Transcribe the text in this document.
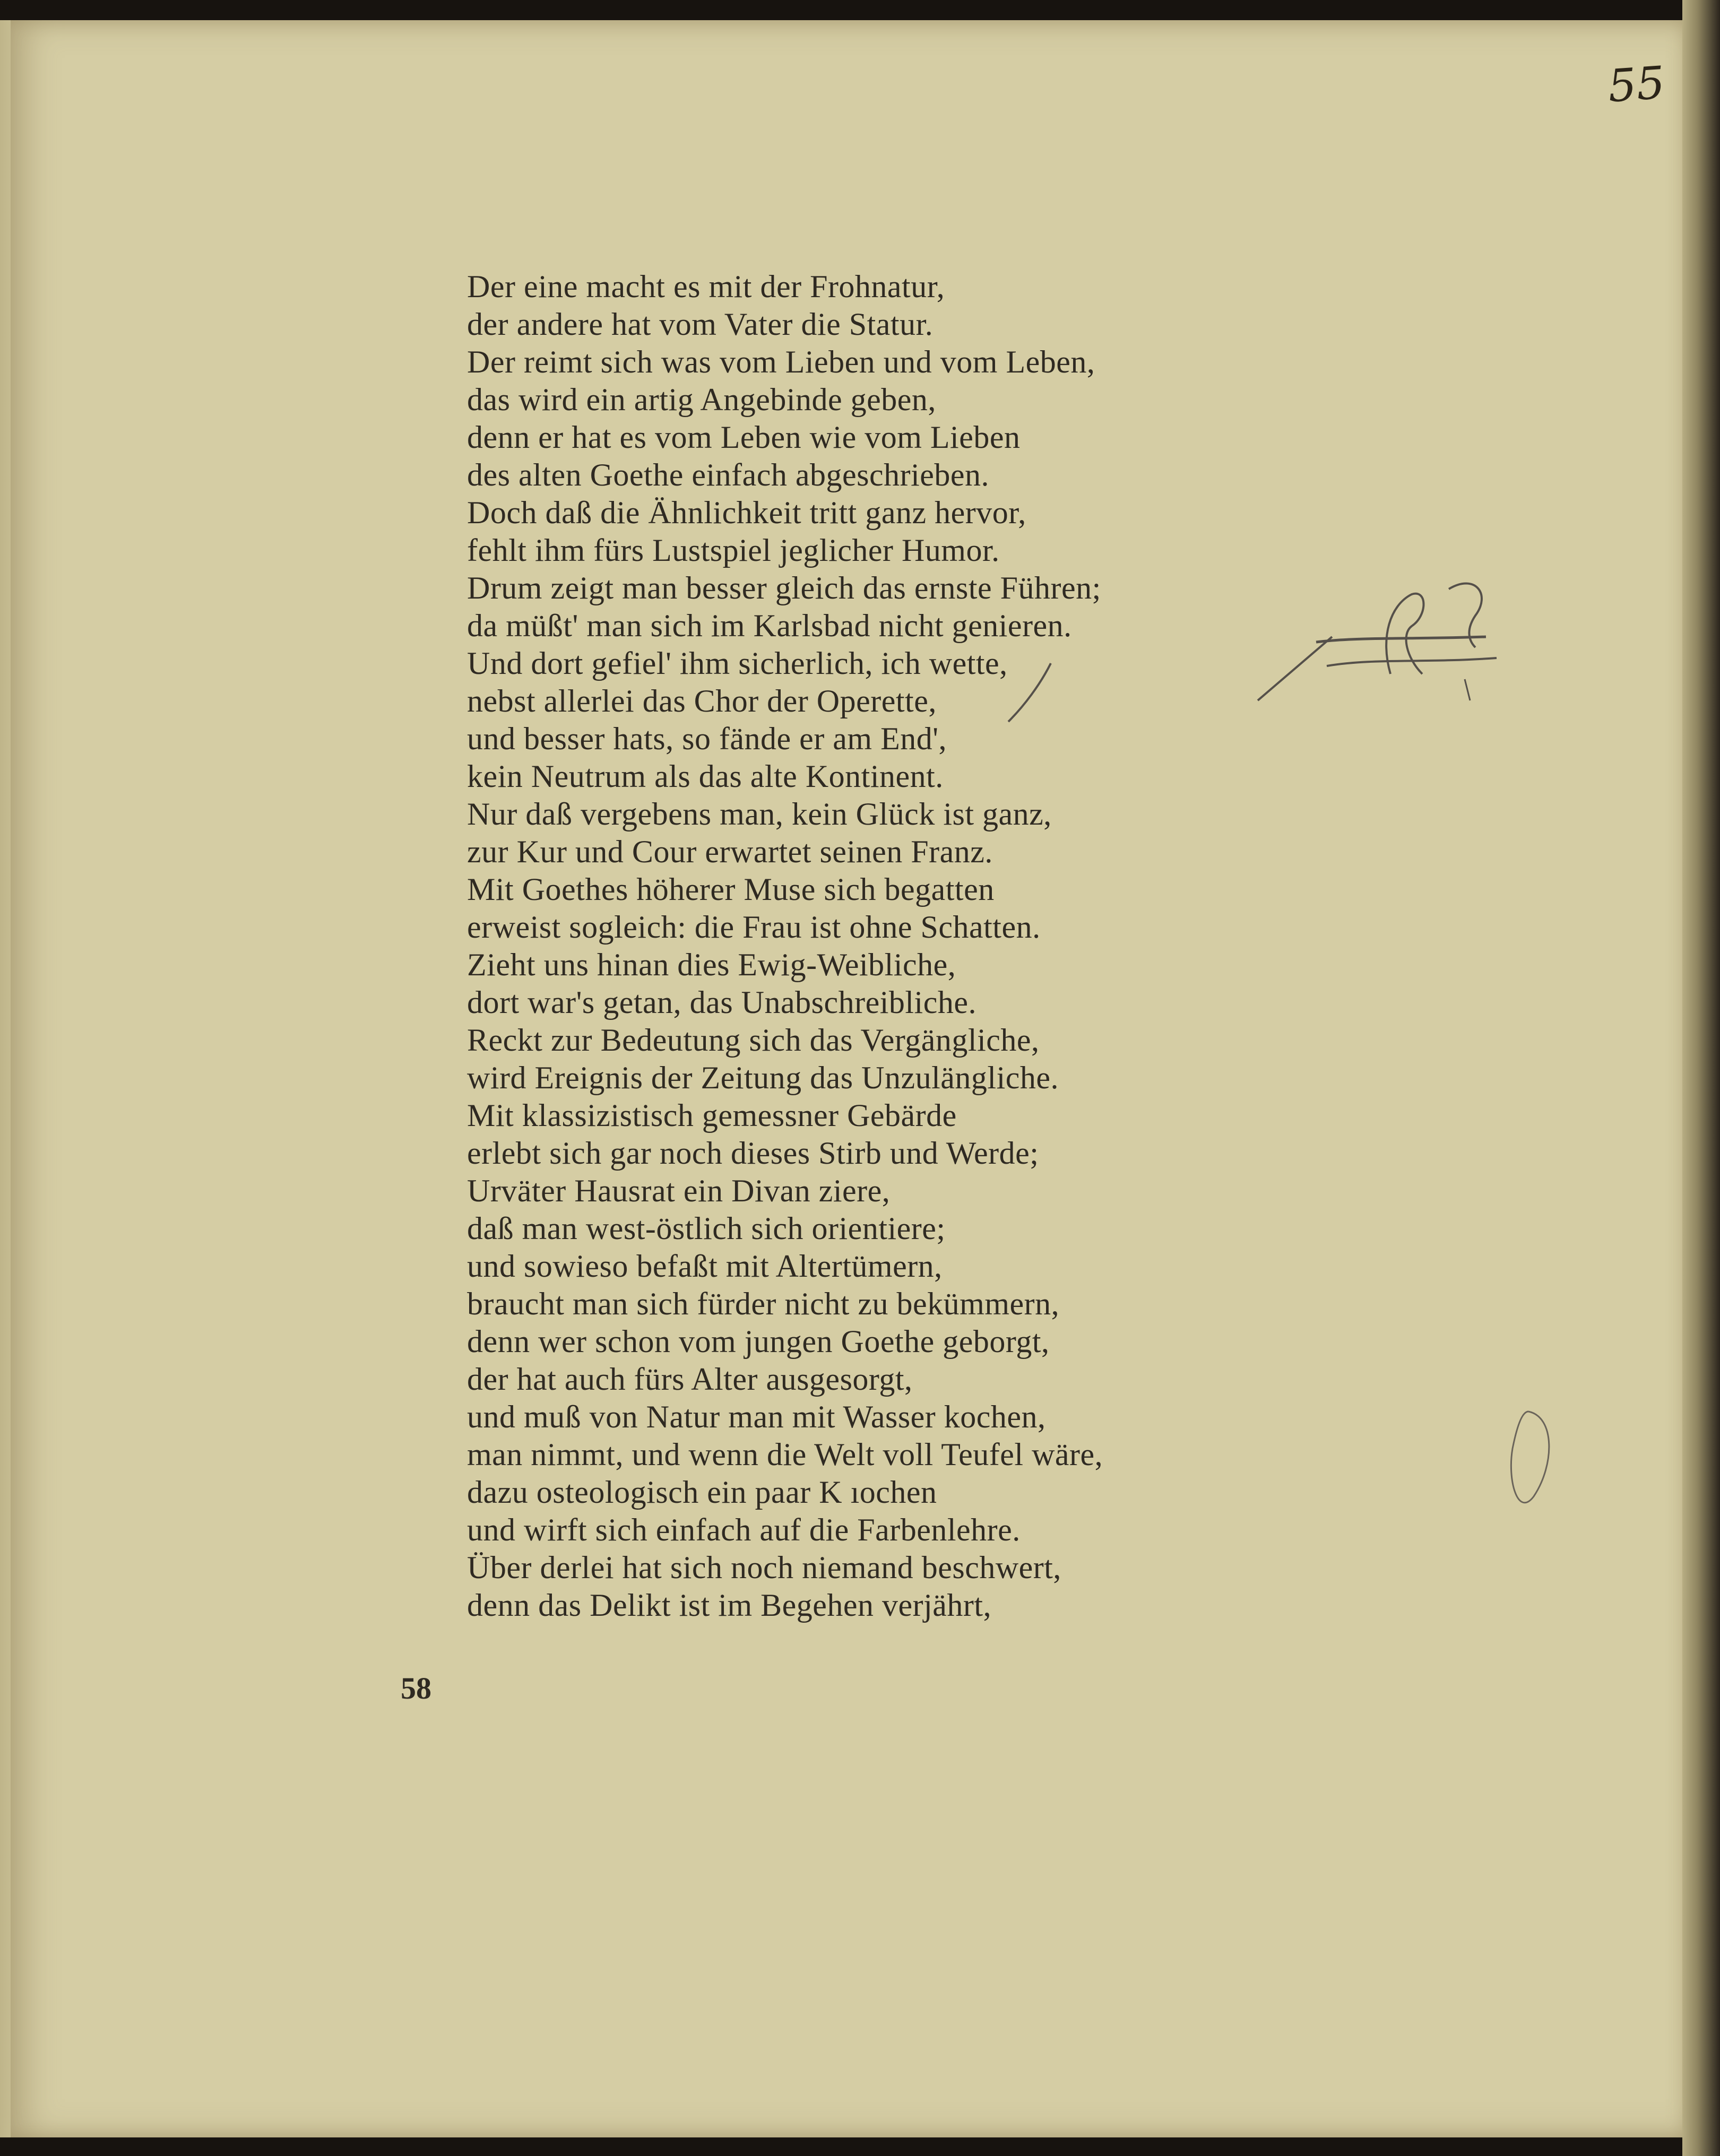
55
Der eine macht es mit der Frohnatur,
der andere hat vom Vater die Statur.
Der reimt sich was vom Lieben und vom Leben,
das wird ein artig Angebinde geben,
denn er hat es vom Leben wie vom Lieben
des alten Goethe einfach abgeschrieben.
Doch daß die Ähnlichkeit tritt ganz hervor,
fehlt ihm fürs Lustspiel jeglicher Humor.
Drum zeigt man besser gleich das ernste Führen;
da müßt' man sich im Karlsbad nicht genieren.
Und dort gefiel' ihm sicherlich, ich wette,
nebst allerlei das Chor der Operette,
und besser hats, so fände er am End',
kein Neutrum als das alte Kontinent.
Nur daß vergebens man, kein Glück ist ganz,
zur Kur und Cour erwartet seinen Franz.
Mit Goethes höherer Muse sich begatten
erweist sogleich: die Frau ist ohne Schatten.
Zieht uns hinan dies Ewig-Weibliche,
dort war's getan, das Unabschreibliche.
Reckt zur Bedeutung sich das Vergängliche,
wird Ereignis der Zeitung das Unzulängliche.
Mit klassizistisch gemessner Gebärde
erlebt sich gar noch dieses Stirb und Werde;
Urväter Hausrat ein Divan ziere,
daß man west-östlich sich orientiere;
und sowieso befaßt mit Altertümern,
braucht man sich fürder nicht zu bekümmern,
denn wer schon vom jungen Goethe geborgt,
der hat auch fürs Alter ausgesorgt,
und muß von Natur man mit Wasser kochen,
man nimmt, und wenn die Welt voll Teufel wäre,
dazu osteologisch ein paar K ıochen
und wirft sich einfach auf die Farbenlehre.
Über derlei hat sich noch niemand beschwert,
denn das Delikt ist im Begehen verjährt,
58
